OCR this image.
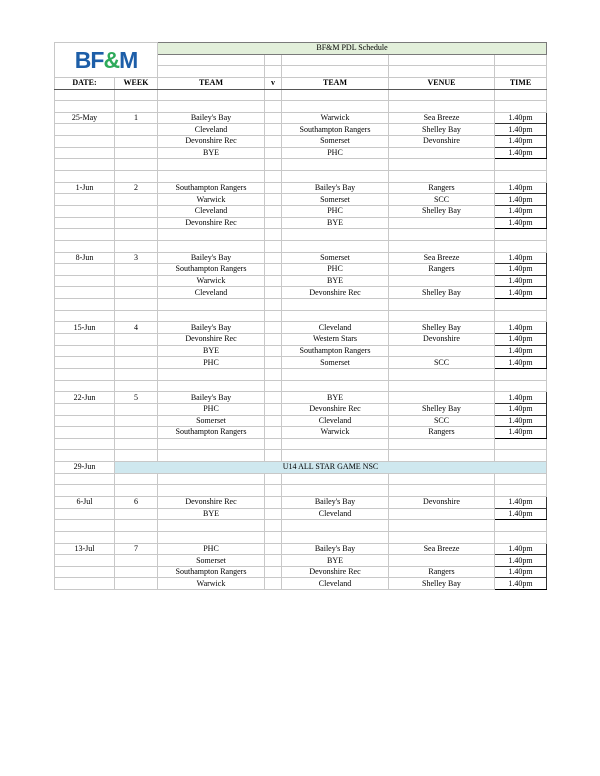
BF&M		BF&M PDL Schedule				

DATE:	WEEK	TEAM	v	TEAM	VENUE	TIME

25-May	1	Bailey's Bay		Warwick	Sea Breeze	1.40pm
		Cleveland		Southampton Rangers	Shelley Bay	1.40pm
		Devonshire Rec		Somerset	Devonshire	1.40pm
		BYE		PHC		1.40pm

1-Jun	2	Southampton Rangers		Bailey's Bay	Rangers	1.40pm
		Warwick		Somerset	SCC	1.40pm
		Cleveland		PHC	Shelley Bay	1.40pm
		Devonshire Rec		BYE		1.40pm

8-Jun	3	Bailey's Bay		Somerset	Sea Breeze	1.40pm
		Southampton Rangers		PHC	Rangers	1.40pm
		Warwick		BYE		1.40pm
		Cleveland		Devonshire Rec	Shelley Bay	1.40pm

15-Jun	4	Bailey's Bay		Cleveland	Shelley Bay	1.40pm
		Devonshire Rec		Western Stars	Devonshire	1.40pm
		BYE		Southampton Rangers		1.40pm
		PHC		Somerset	SCC	1.40pm

22-Jun	5	Bailey's Bay		BYE		1.40pm
		PHC		Devonshire Rec	Shelley Bay	1.40pm
		Somerset		Cleveland	SCC	1.40pm
		Southampton Rangers		Warwick	Rangers	1.40pm

29-Jun	U14 ALL STAR GAME NSC					

6-Jul	6	Devonshire Rec		Bailey's Bay	Devonshire	1.40pm
		BYE		Cleveland		1.40pm

13-Jul	7	PHC		Bailey's Bay	Sea Breeze	1.40pm
		Somerset		BYE		1.40pm
		Southampton Rangers		Devonshire Rec	Rangers	1.40pm
		Warwick		Cleveland	Shelley Bay	1.40pm
